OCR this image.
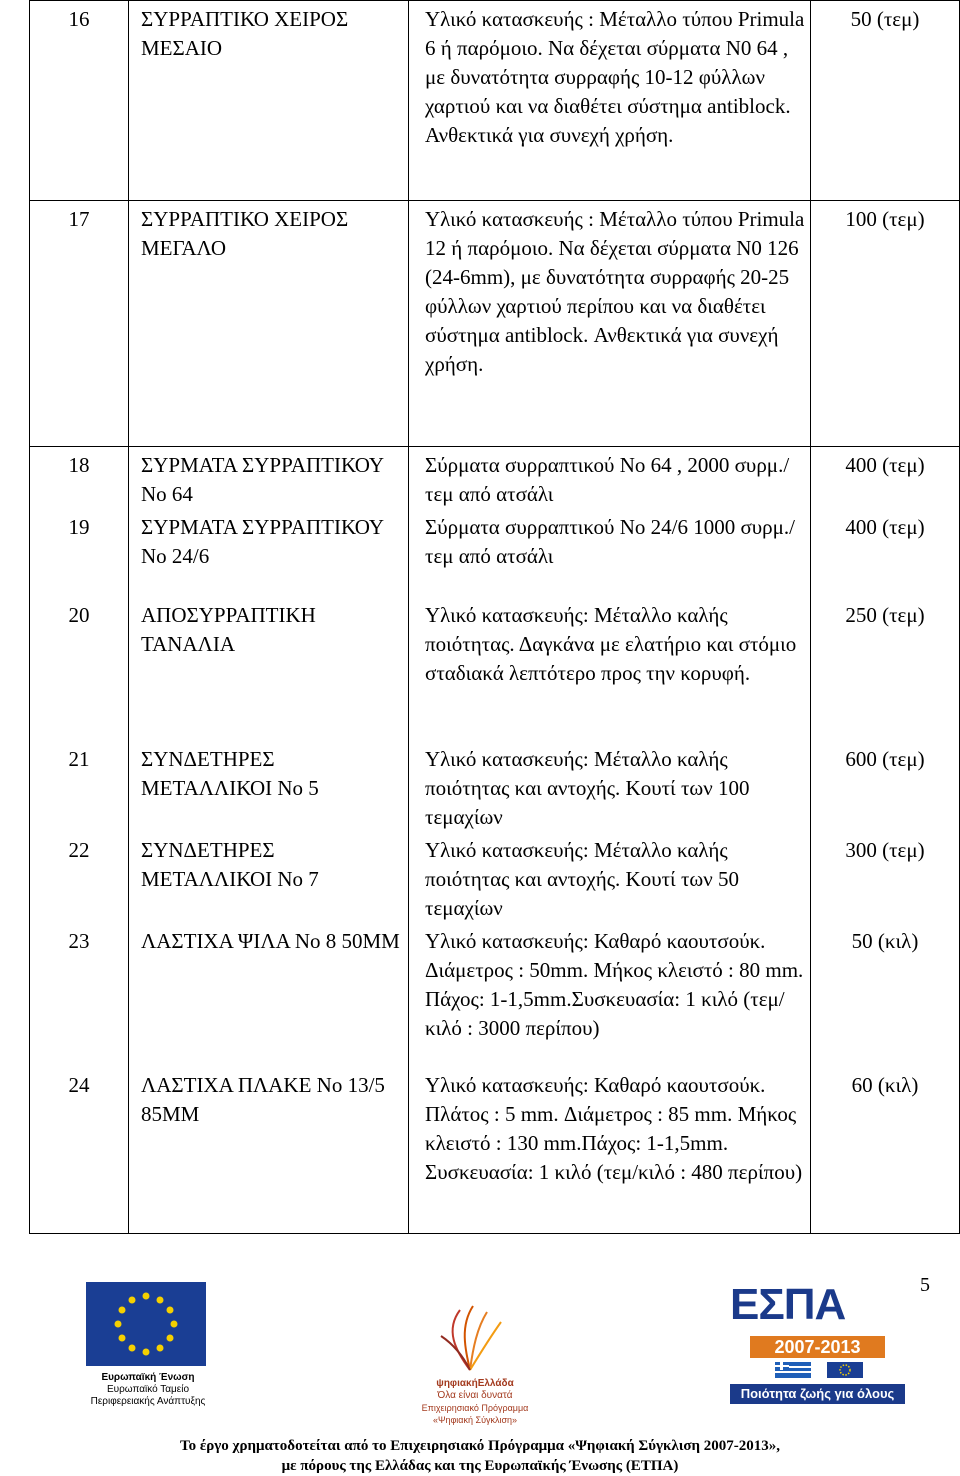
16	ΣΥΡΡΑΠΤΙΚΟ ΧΕΙΡΟΣ ΜΕΣΑΙΟ	Υλικό κατασκευής : Μέταλλο τύπου Primula 6 ή παρόμοιο. Να δέχεται σύρματα Ν0 64 , με δυνατότητα συρραφής 10-12 φύλλων χαρτιού και να διαθέτει σύστημα antiblock. Ανθεκτικά για συνεχή χρήση.	50 (τεμ)

17	ΣΥΡΡΑΠΤΙΚΟ ΧΕΙΡΟΣ ΜΕΓΑΛΟ	Υλικό κατασκευής : Μέταλλο τύπου Primula 12 ή παρόμοιο. Να δέχεται σύρματα Ν0 126 (24-6mm), με δυνατότητα συρραφής 20-25 φύλλων χαρτιού περίπου και να διαθέτει σύστημα antiblock. Ανθεκτικά για συνεχή χρήση.	100 (τεμ)

18	ΣΥΡΜΑΤΑ ΣΥΡΡΑΠΤΙΚΟΥ Νο 64	Σύρματα συρραπτικού Νο 64 , 2000 συρμ./τεμ από ατσάλι	400 (τεμ)

19	ΣΥΡΜΑΤΑ ΣΥΡΡΑΠΤΙΚΟΥ Νο 24/6	Σύρματα συρραπτικού Νο 24/6 1000 συρμ./τεμ από ατσάλι	400 (τεμ)

20	ΑΠΟΣΥΡΡΑΠΤΙΚΗ ΤΑΝΑΛΙΑ	Υλικό κατασκευής: Μέταλλο καλής ποιότητας. Δαγκάνα με ελατήριο και στόμιο σταδιακά λεπτότερο προς την κορυφή.	250 (τεμ)

21	ΣΥΝΔΕΤΗΡΕΣ ΜΕΤΑΛΛΙΚΟΙ Νο 5	Υλικό κατασκευής: Μέταλλο καλής ποιότητας και αντοχής. Κουτί των 100 τεμαχίων	600 (τεμ)

22	ΣΥΝΔΕΤΗΡΕΣ ΜΕΤΑΛΛΙΚΟΙ Νο 7	Υλικό κατασκευής: Μέταλλο καλής ποιότητας και αντοχής. Κουτί των 50 τεμαχίων	300 (τεμ)

23	ΛΑΣΤΙΧΑ ΨΙΛΑ Νο 8 50ΜΜ	Υλικό κατασκευής: Καθαρό καουτσούκ. Διάμετρος : 50mm. Μήκος κλειστό : 80 mm. Πάχος: 1-1,5mm.Συσκευασία: 1 κιλό (τεμ/κιλό : 3000 περίπου)	50 (κιλ)

24	ΛΑΣΤΙΧΑ ΠΛΑΚΕ Νο 13/5 85ΜΜ	Υλικό κατασκευής: Καθαρό καουτσούκ. Πλάτος : 5 mm. Διάμετρος : 85 mm. Μήκος κλειστό : 130 mm.Πάχος: 1-1,5mm. Συσκευασία: 1 κιλό (τεμ/κιλό : 480 περίπου)	60 (κιλ)
5
Ευρωπαϊκή Ένωση
Ευρωπαϊκό Ταμείο
Περιφερειακής Ανάπτυξης
ψηφιακήΕλλάδα
Όλα είναι δυνατά
Επιχειρησιακό Πρόγραμμα
«Ψηφιακή Σύγκλιση»
ΕΣΠΑ
2007-2013
Ποιότητα ζωής για όλους
Το έργο χρηματοδοτείται από το Επιχειρησιακό Πρόγραμμα «Ψηφιακή Σύγκλιση 2007-2013»,
με πόρους της Ελλάδας και της Ευρωπαϊκής Ένωσης (ΕΤΠΑ)
